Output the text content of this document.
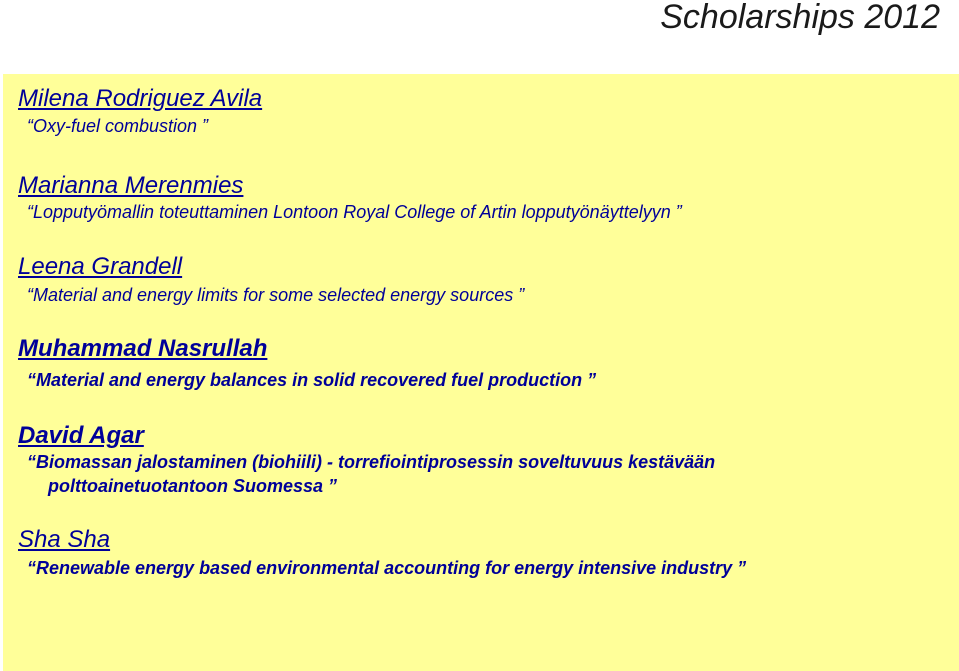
Scholarships 2012
Milena Rodriguez Avila
“Oxy-fuel combustion ”
Marianna Merenmies
“Lopputyömallin toteuttaminen Lontoon Royal College of Artin lopputyönäyttelyyn ”
Leena Grandell
“Material and energy limits for some selected energy sources ”
Muhammad Nasrullah
“Material and energy balances in solid recovered fuel production ”
David Agar
“Biomassan jalostaminen (biohiili) - torrefiointiprosessin soveltuvuus kestävään
polttoainetuotantoon Suomessa ”
Sha Sha
“Renewable energy based environmental accounting for energy intensive industry ”
